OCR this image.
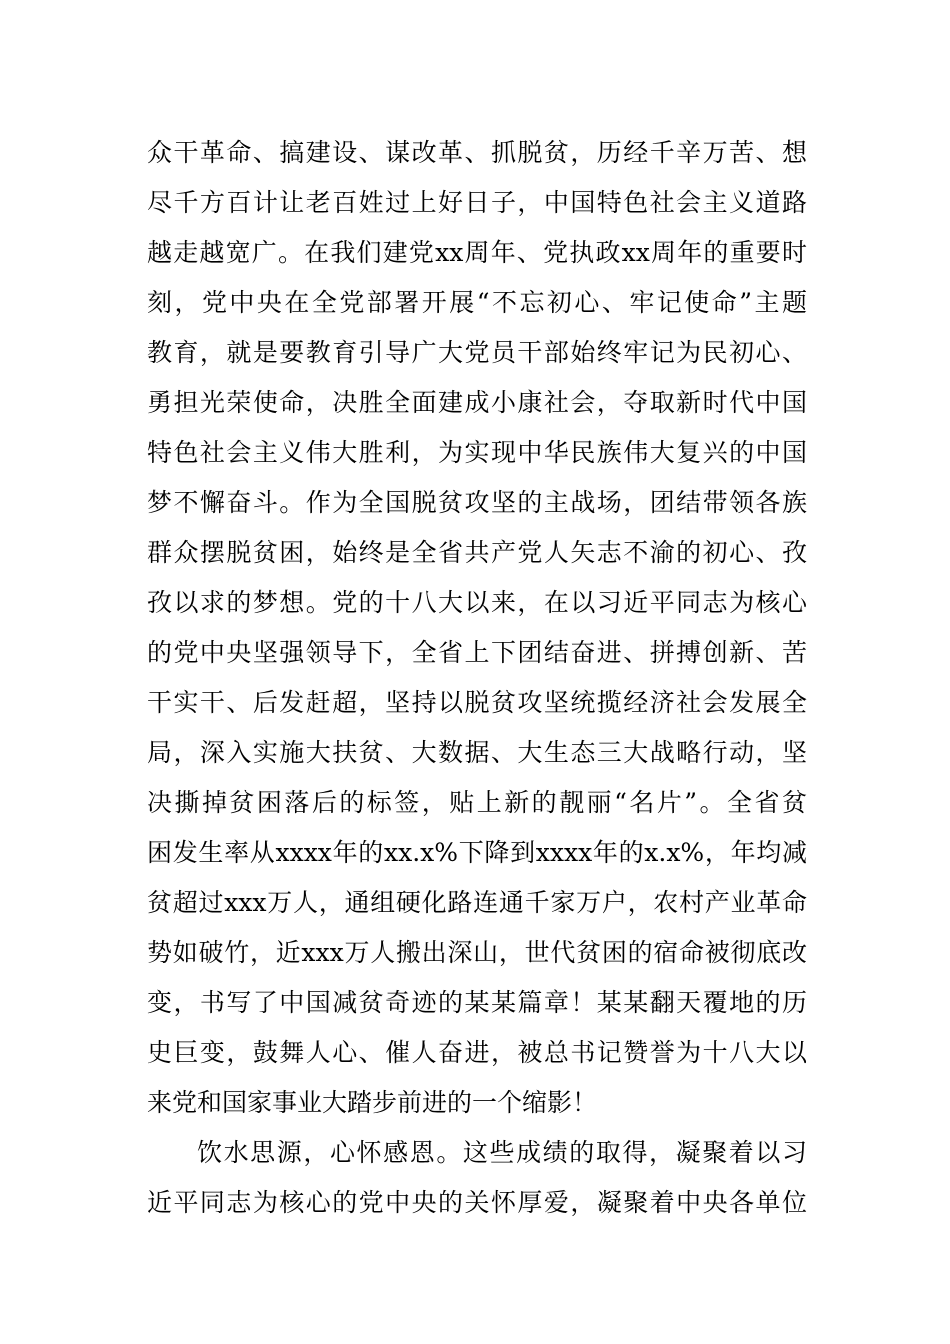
众干革命、搞建设、谋改革、抓脱贫，历经千辛万苦、想
尽千方百计让老百姓过上好日子，中国特色社会主义道路
越走越宽广。在我们建党xx周年、党执政xx周年的重要时
刻，党中央在全党部署开展“不忘初心、牢记使命”主题
教育，就是要教育引导广大党员干部始终牢记为民初心、
勇担光荣使命，决胜全面建成小康社会，夺取新时代中国
特色社会主义伟大胜利，为实现中华民族伟大复兴的中国
梦不懈奋斗。作为全国脱贫攻坚的主战场，团结带领各族
群众摆脱贫困，始终是全省共产党人矢志不渝的初心、孜
孜以求的梦想。党的十八大以来，在以习近平同志为核心
的党中央坚强领导下，全省上下团结奋进、拼搏创新、苦
干实干、后发赶超，坚持以脱贫攻坚统揽经济社会发展全
局，深入实施大扶贫、大数据、大生态三大战略行动，坚
决撕掉贫困落后的标签，贴上新的靓丽“名片”。全省贫
困发生率从xxxx年的xx.x%下降到xxxx年的x.x%，年均减
贫超过xxx万人，通组硬化路连通千家万户，农村产业革命
势如破竹，近xxx万人搬出深山，世代贫困的宿命被彻底改
变，书写了中国减贫奇迹的某某篇章！某某翻天覆地的历
史巨变，鼓舞人心、催人奋进，被总书记赞誉为十八大以
来党和国家事业大踏步前进的一个缩影！
饮水思源，心怀感恩。这些成绩的取得，凝聚着以习
近平同志为核心的党中央的关怀厚爱，凝聚着中央各单位
